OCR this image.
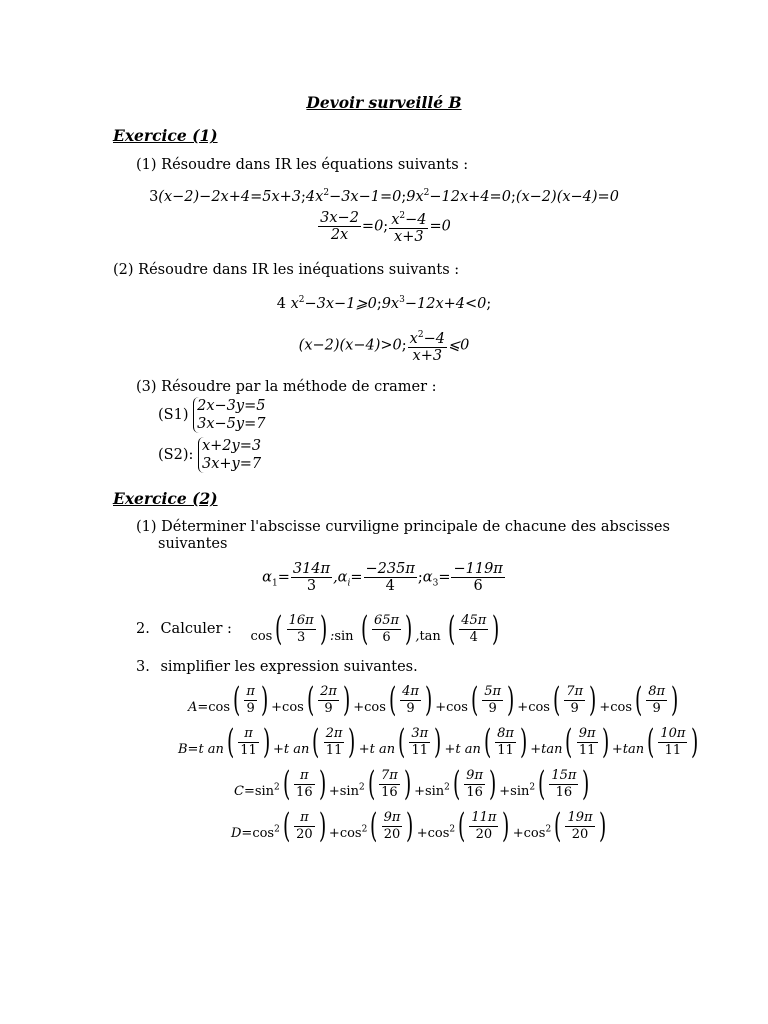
Devoir surveillé B
Exercice (1)
(1) Résoudre dans IR les équations suivants :
$3(x-2)-2x+4=5x+3;4x^2-3x-1=0;9x^2-12x+4=0;(x-2)(x-4)=0$
$\frac{3x-2}{2x} =0$; $\frac{x^2-4}{x+3} =0$
(2) Résoudre dans IR les inéquations suivants :
4 $x^2-3x-1⩾0;9x^3-12x+4<0$;
(x−2)(x−4)>0; $\frac{x^2-4}{x+3}$ ⩽0
(3) Résoudre par la méthode de cramer :
(S1)
2x−3y=5
3x−5y=7
(S2):
x+2y=3
3x+y=7
Exercice (2)
(1) Déterminer l'abscisse curviligne principale de chacune des abscisses
suivantes
$\alpha_1= \frac{314\pi}{3} ,\alpha_i= \frac{-235\pi}{4}$ $;\alpha_3= \frac{-119\pi}{6}$
2. Calculer : cos ( $\frac{16\pi}{3}$
) :sin ( $\frac{65\pi}{6}$
) ,tan ( $\frac{45\pi}{4}$
)
3. simplifier les expression suivantes.
A=cos ( $\frac{\pi}{9}$
) +cos ( $\frac{2\pi}{9}$
) +cos ( $\frac{4\pi}{9}$
) +cos ( $\frac{5\pi}{9}$
) +cos ( $\frac{7\pi}{9}$
) +cos ( $\frac{8\pi}{9}$
)
B=t an ( $\frac{\pi}{11}$
) +t an ( $\frac{2\pi}{11}$
) +t an ( $\frac{3\pi}{11}$
) +t an ( $\frac{8\pi}{11}$
) +tan ( $\frac{9\pi}{11}$
) +tan ( $\frac{10\pi}{11}$
)
$C=\sin^2$ ( $\frac{\pi}{16}$
) $+\sin^2$ ( $\frac{7\pi}{16}$
) $+\sin^2$ ( $\frac{9\pi}{16}$
) $+\sin^2$ ( $\frac{15\pi}{16}$
)
$D=\cos^2$ ( $\frac{\pi}{20}$
) $+\cos^2$ ( $\frac{9\pi}{20}$
) $+\cos^2$ ( $\frac{11\pi}{20}$
) $+\cos^2$ ( $\frac{19\pi}{20}$
)
